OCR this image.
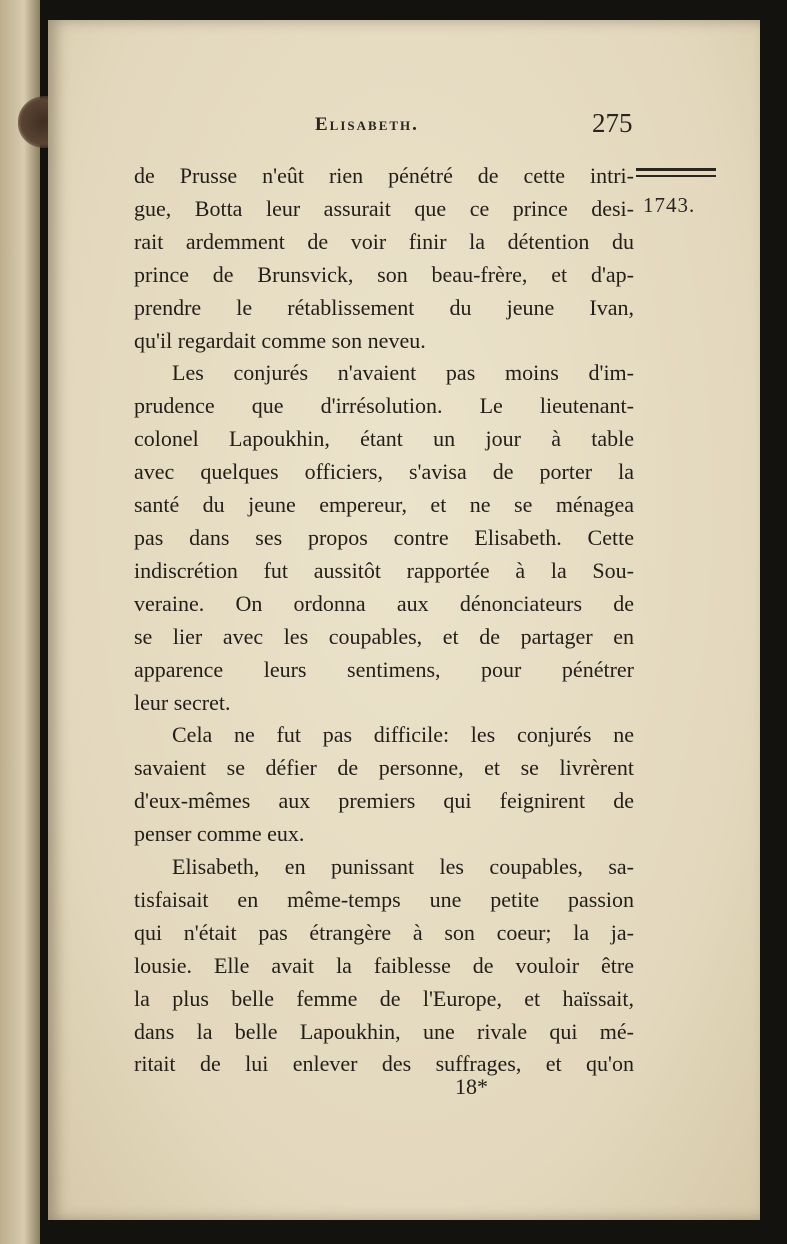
Elisabeth.	275
1743.
de Prusse n'eût rien pénétré de cette intri-
gue, Botta leur assurait que ce prince desi-
rait ardemment de voir finir la détention du
prince de Brunsvick, son beau-frère, et d'ap-
prendre le rétablissement du jeune Ivan,
qu'il regardait comme son neveu.
Les conjurés n'avaient pas moins d'im-
prudence que d'irrésolution. Le lieutenant-
colonel Lapoukhin, étant un jour à table
avec quelques officiers, s'avisa de porter la
santé du jeune empereur, et ne se ménagea
pas dans ses propos contre Elisabeth. Cette
indiscrétion fut aussitôt rapportée à la Sou-
veraine. On ordonna aux dénonciateurs de
se lier avec les coupables, et de partager en
apparence leurs sentimens, pour pénétrer
leur secret.
Cela ne fut pas difficile: les conjurés ne
savaient se défier de personne, et se livrèrent
d'eux-mêmes aux premiers qui feignirent de
penser comme eux.
Elisabeth, en punissant les coupables, sa-
tisfaisait en même-temps une petite passion
qui n'était pas étrangère à son coeur; la ja-
lousie. Elle avait la faiblesse de vouloir être
la plus belle femme de l'Europe, et haïssait,
dans la belle Lapoukhin, une rivale qui mé-
ritait de lui enlever des suffrages, et qu'on
18*
